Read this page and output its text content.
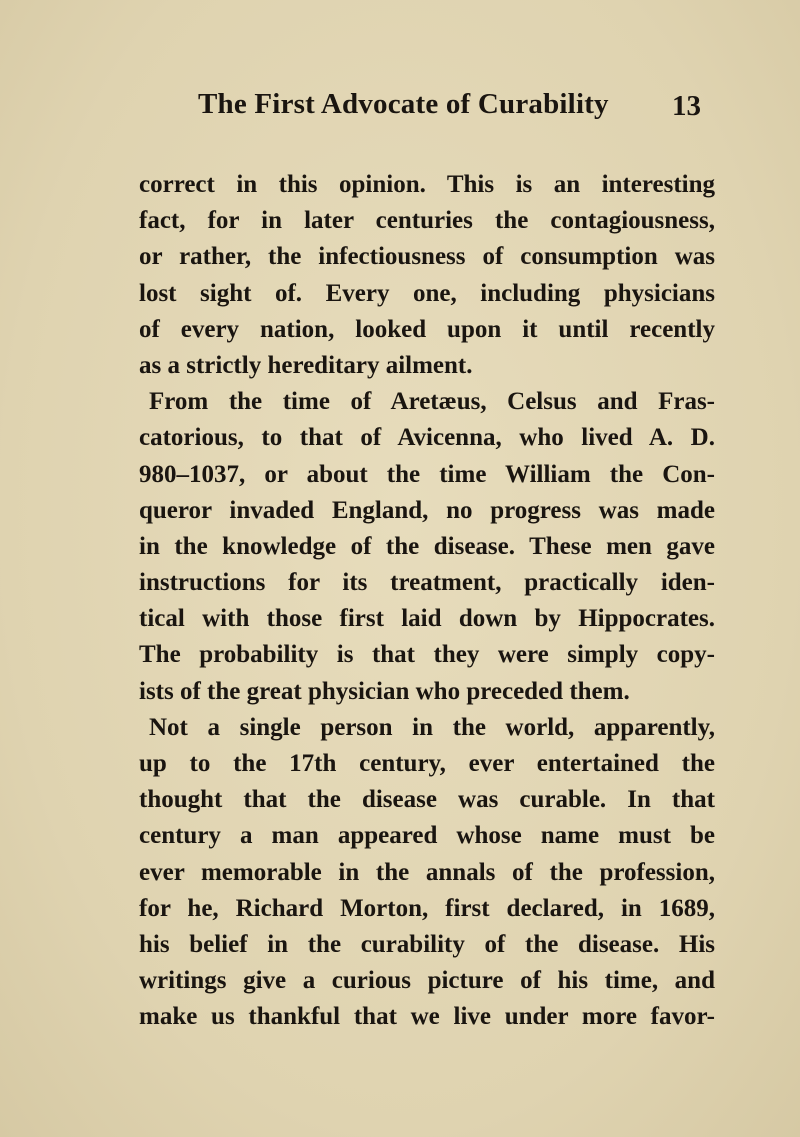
The First Advocate of Curability 13
correct in this opinion. This is an interesting
fact, for in later centuries the contagiousness,
or rather, the infectiousness of consumption was
lost sight of. Every one, including physicians
of every nation, looked upon it until recently
as a strictly hereditary ailment.
From the time of Aretæus, Celsus and Fras-
catorious, to that of Avicenna, who lived A. D.
980–1037, or about the time William the Con-
queror invaded England, no progress was made
in the knowledge of the disease. These men gave
instructions for its treatment, practically iden-
tical with those first laid down by Hippocrates.
The probability is that they were simply copy-
ists of the great physician who preceded them.
Not a single person in the world, apparently,
up to the 17th century, ever entertained the
thought that the disease was curable. In that
century a man appeared whose name must be
ever memorable in the annals of the profession,
for he, Richard Morton, first declared, in 1689,
his belief in the curability of the disease. His
writings give a curious picture of his time, and
make us thankful that we live under more favor-
